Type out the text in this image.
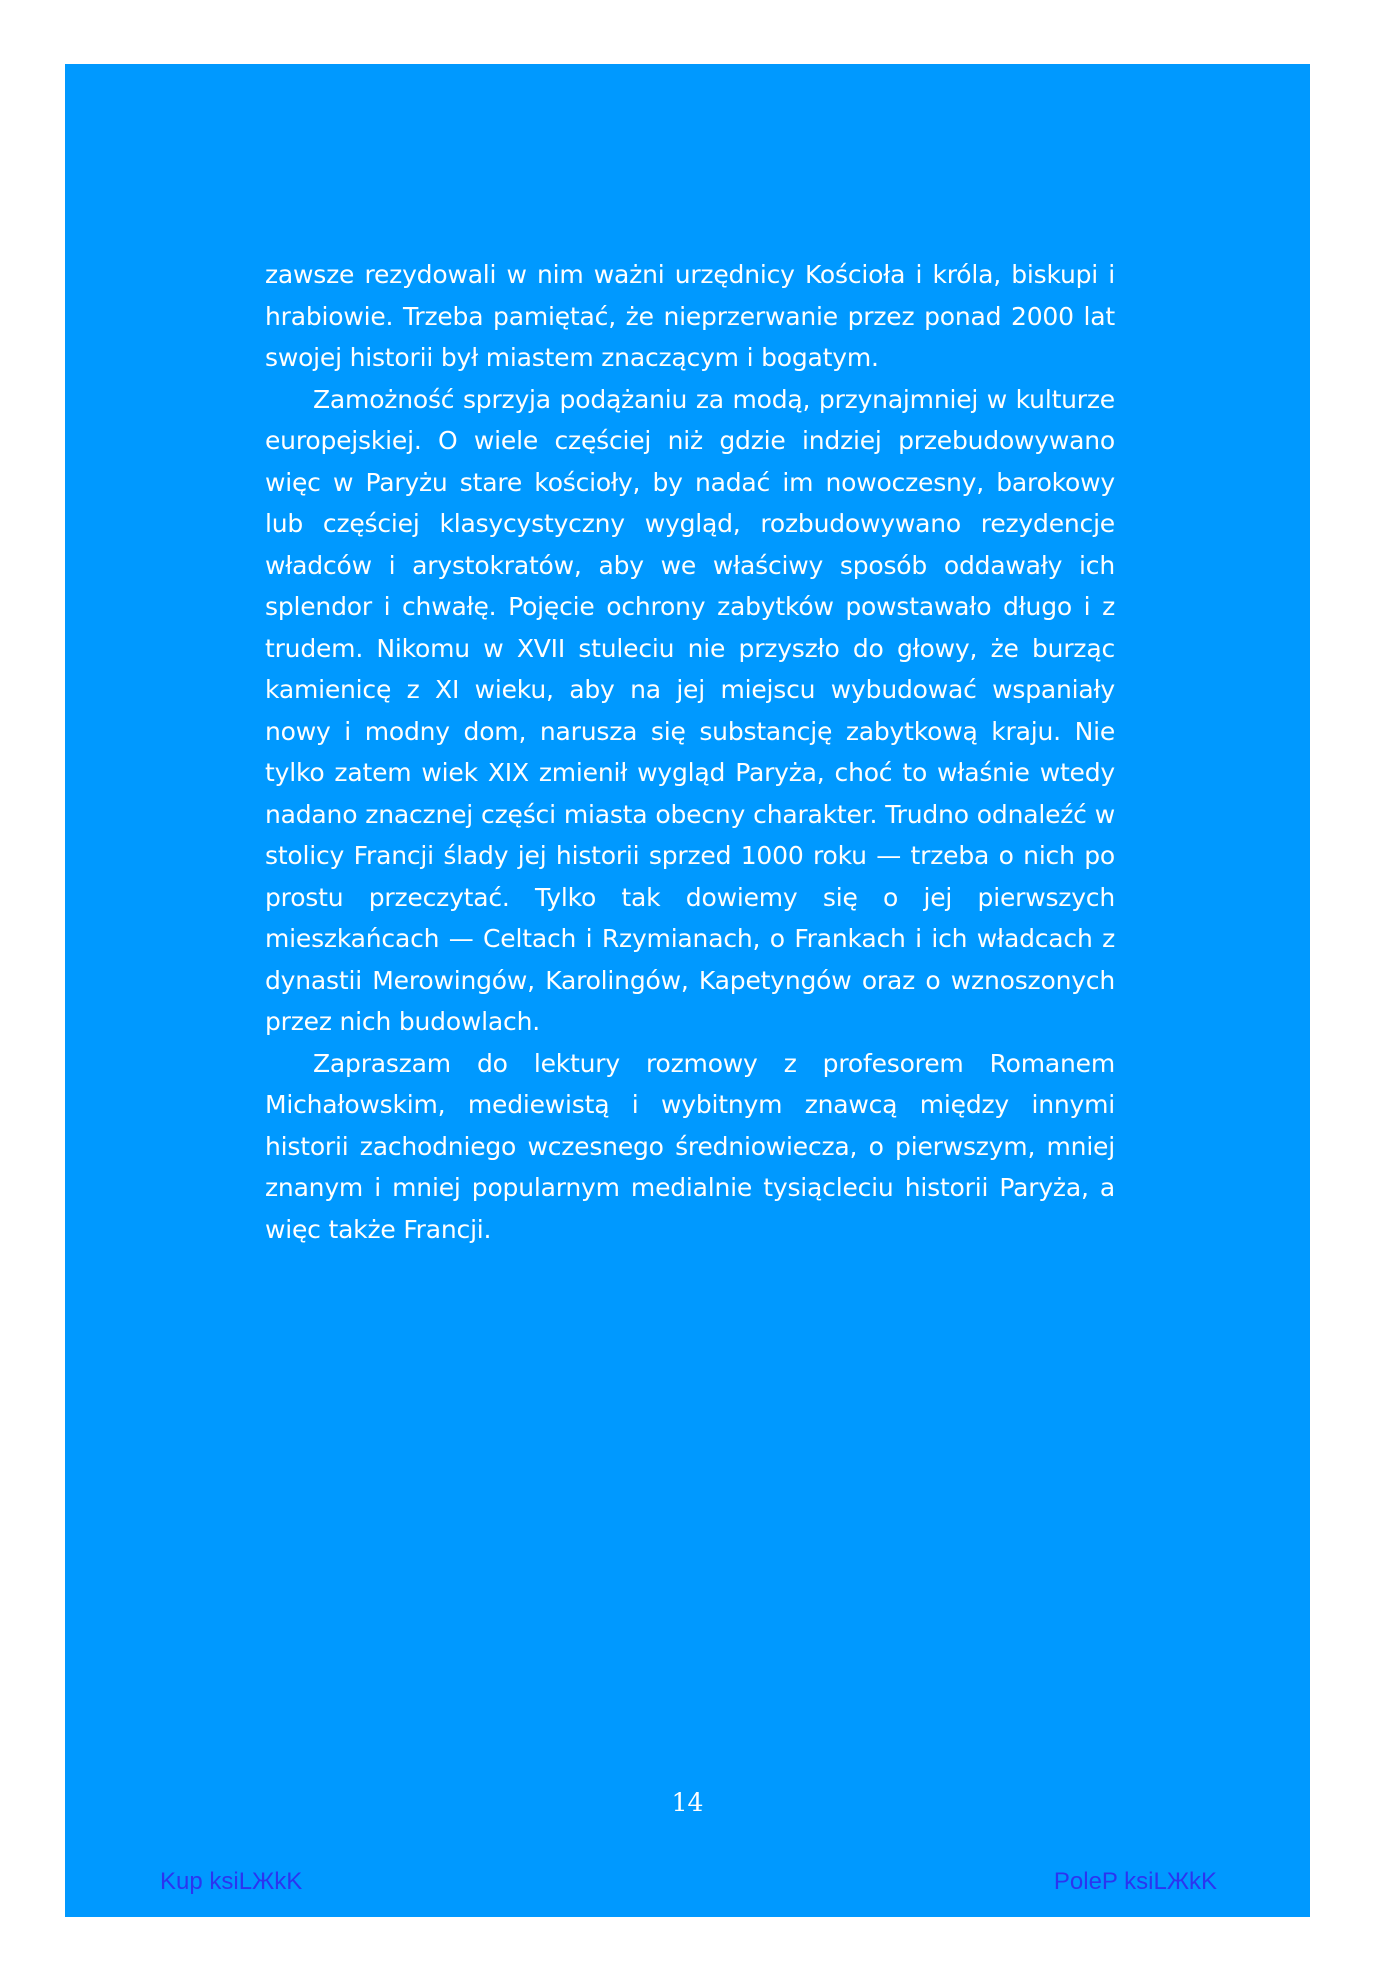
zawsze rezydowali w nim ważni urzędnicy Kościoła i króla, biskupi i hrabiowie. Trzeba pamiętać, że nieprzerwanie przez ponad 2000 lat swojej historii był miastem znaczącym i bogatym.

Zamożność sprzyja podążaniu za modą, przynajmniej w kulturze europejskiej. O wiele częściej niż gdzie indziej przebudowywano więc w Paryżu stare kościoły, by nadać im nowoczesny, barokowy lub częściej klasycystyczny wygląd, rozbudowywano rezydencje władców i arystokratów, aby we właściwy sposób oddawały ich splendor i chwałę. Pojęcie ochrony zabytków powstawało długo i z trudem. Nikomu w XVII stuleciu nie przyszło do głowy, że burząc kamienicę z XI wieku, aby na jej miejscu wybudować wspaniały nowy i modny dom, narusza się substancję zabytkową kraju. Nie tylko zatem wiek XIX zmienił wygląd Paryża, choć to właśnie wtedy nadano znacznej części miasta obecny charakter. Trudno odnaleźć w stolicy Francji ślady jej historii sprzed 1000 roku — trzeba o nich po prostu przeczytać. Tylko tak dowiemy się o jej pierwszych mieszkańcach — Celtach i Rzymianach, o Frankach i ich władcach z dynastii Merowingów, Karolingów, Kapetyngów oraz o wznoszonych przez nich budowlach.

Zapraszam do lektury rozmowy z profesorem Romanem Michałowskim, mediewistą i wybitnym znawcą między innymi historii zachodniego wczesnego średniowiecza, o pierwszym, mniej znanym i mniej popularnym medialnie tysiącleciu historii Paryża, a więc także Francji.

14
Kup ksiLЖkK	PoleP ksiLЖkK
